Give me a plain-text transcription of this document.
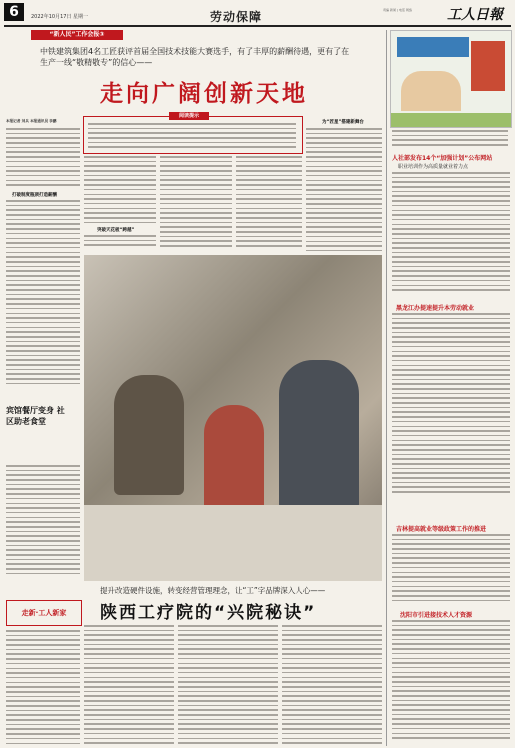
6	2022年10月17日 星期一	劳动保障	责编 新闻 | 电话 网络	工人日報
“新人民”工作会报③
中铁建筑集团4名工匠获评首届全国技术技能大赛选手，有了丰厚的薪酬待遇，更有了在生产一线“敬精敬专”的信心——
走向广阔创新天地
阅读提示
本报记者 刘兵 本报通讯员 李鹏
打破制度瓶颈打造薪酬
突破天花板“跨越”
为“匠星”搭建新舞台
宾馆餐厅变身 社区助老食堂
提升改造硬件设施，转变经营管理理念，让“工”字品牌深入人心——
陕西工疗院的“兴院秘诀”
走新·工人新家
人社部发布14个“加强计划”公布网站
职业培训作为高质量就业着力点
黑龙江办提速提升本劳动就业
吉林提高就业等级政策工作的推进
沈阳市引进接技术人才资源
